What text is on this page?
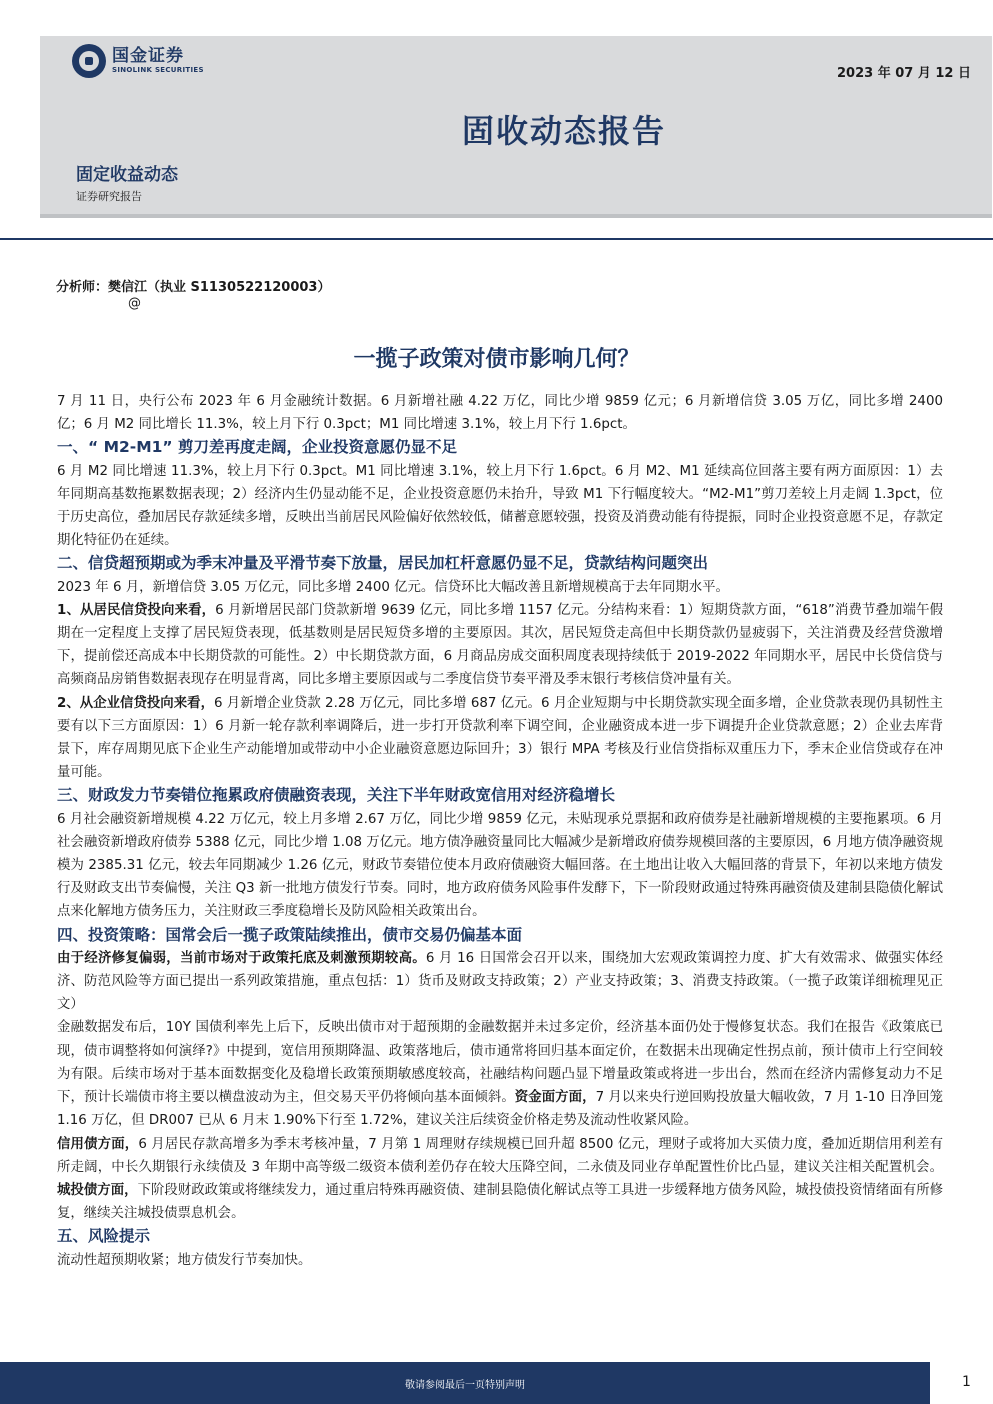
国金证券
SINOLINK SECURITIES	2023 年 07 月 12 日
固收动态报告
固定收益动态
证券研究报告
分析师：樊信江（执业 S1130522120003）
@
一揽子政策对债市影响几何？

7 月 11 日，央行公布 2023 年 6 月金融统计数据。6 月新增社融 4.22 万亿，同比少增 9859 亿元；6 月新增信贷 3.05 万亿，同比多增 2400 亿；6 月 M2 同比增长 11.3%，较上月下行 0.3pct；M1 同比增速 3.1%，较上月下行 1.6pct。

一、“ M2-M1” 剪刀差再度走阔，企业投资意愿仍显不足

6 月 M2 同比增速 11.3%，较上月下行 0.3pct。M1 同比增速 3.1%，较上月下行 1.6pct。6 月 M2、M1 延续高位回落主要有两方面原因：1）去年同期高基数拖累数据表现；2）经济内生仍显动能不足，企业投资意愿仍未抬升，导致 M1 下行幅度较大。“M2-M1”剪刀差较上月走阔 1.3pct，位于历史高位，叠加居民存款延续多增，反映出当前居民风险偏好依然较低，储蓄意愿较强，投资及消费动能有待提振，同时企业投资意愿不足，存款定期化特征仍在延续。

二、信贷超预期或为季末冲量及平滑节奏下放量，居民加杠杆意愿仍显不足，贷款结构问题突出

2023 年 6 月，新增信贷 3.05 万亿元，同比多增 2400 亿元。信贷环比大幅改善且新增规模高于去年同期水平。

1、从居民信贷投向来看，6 月新增居民部门贷款新增 9639 亿元，同比多增 1157 亿元。分结构来看：1）短期贷款方面，“618”消费节叠加端午假期在一定程度上支撑了居民短贷表现，低基数则是居民短贷多增的主要原因。其次，居民短贷走高但中长期贷款仍显疲弱下，关注消费及经营贷激增下，提前偿还高成本中长期贷款的可能性。2）中长期贷款方面，6 月商品房成交面积周度表现持续低于 2019-2022 年同期水平，居民中长贷信贷与高频商品房销售数据表现存在明显背离，同比多增主要原因或与二季度信贷节奏平滑及季末银行考核信贷冲量有关。

2、从企业信贷投向来看，6 月新增企业贷款 2.28 万亿元，同比多增 687 亿元。6 月企业短期与中长期贷款实现全面多增，企业贷款表现仍具韧性主要有以下三方面原因：1）6 月新一轮存款利率调降后，进一步打开贷款利率下调空间，企业融资成本进一步下调提升企业贷款意愿；2）企业去库背景下，库存周期见底下企业生产动能增加或带动中小企业融资意愿边际回升；3）银行 MPA 考核及行业信贷指标双重压力下，季末企业信贷或存在冲量可能。

三、财政发力节奏错位拖累政府债融资表现，关注下半年财政宽信用对经济稳增长

6 月社会融资新增规模 4.22 万亿元，较上月多增 2.67 万亿，同比少增 9859 亿元，未贴现承兑票据和政府债券是社融新增规模的主要拖累项。6 月社会融资新增政府债券 5388 亿元，同比少增 1.08 万亿元。地方债净融资量同比大幅减少是新增政府债券规模回落的主要原因，6 月地方债净融资规模为 2385.31 亿元，较去年同期减少 1.26 亿元，财政节奏错位使本月政府债融资大幅回落。在土地出让收入大幅回落的背景下，年初以来地方债发行及财政支出节奏偏慢，关注 Q3 新一批地方债发行节奏。同时，地方政府债务风险事件发酵下，下一阶段财政通过特殊再融资债及建制县隐债化解试点来化解地方债务压力，关注财政三季度稳增长及防风险相关政策出台。

四、投资策略：国常会后一揽子政策陆续推出，债市交易仍偏基本面

由于经济修复偏弱，当前市场对于政策托底及刺激预期较高。6 月 16 日国常会召开以来，围绕加大宏观政策调控力度、扩大有效需求、做强实体经济、防范风险等方面已提出一系列政策措施，重点包括：1）货币及财政支持政策；2）产业支持政策；3、消费支持政策。（一揽子政策详细梳理见正文）

金融数据发布后，10Y 国债利率先上后下，反映出债市对于超预期的金融数据并未过多定价，经济基本面仍处于慢修复状态。我们在报告《政策底已现，债市调整将如何演绎?》中提到，宽信用预期降温、政策落地后，债市通常将回归基本面定价，在数据未出现确定性拐点前，预计债市上行空间较为有限。后续市场对于基本面数据变化及稳增长政策预期敏感度较高，社融结构问题凸显下增量政策或将进一步出台，然而在经济内需修复动力不足下，预计长端债市将主要以横盘波动为主，但交易天平仍将倾向基本面倾斜。资金面方面，7 月以来央行逆回购投放量大幅收敛，7 月 1-10 日净回笼 1.16 万亿，但 DR007 已从 6 月末 1.90%下行至 1.72%，建议关注后续资金价格走势及流动性收紧风险。

信用债方面，6 月居民存款高增多为季末考核冲量，7 月第 1 周理财存续规模已回升超 8500 亿元，理财子或将加大买债力度，叠加近期信用利差有所走阔，中长久期银行永续债及 3 年期中高等级二级资本债利差仍存在较大压降空间，二永债及同业存单配置性价比凸显，建议关注相关配置机会。城投债方面，下阶段财政政策或将继续发力，通过重启特殊再融资债、建制县隐债化解试点等工具进一步缓释地方债务风险，城投债投资情绪面有所修复，继续关注城投债票息机会。

五、风险提示

流动性超预期收紧；地方债发行节奏加快。

敬请参阅最后一页特别声明	1
